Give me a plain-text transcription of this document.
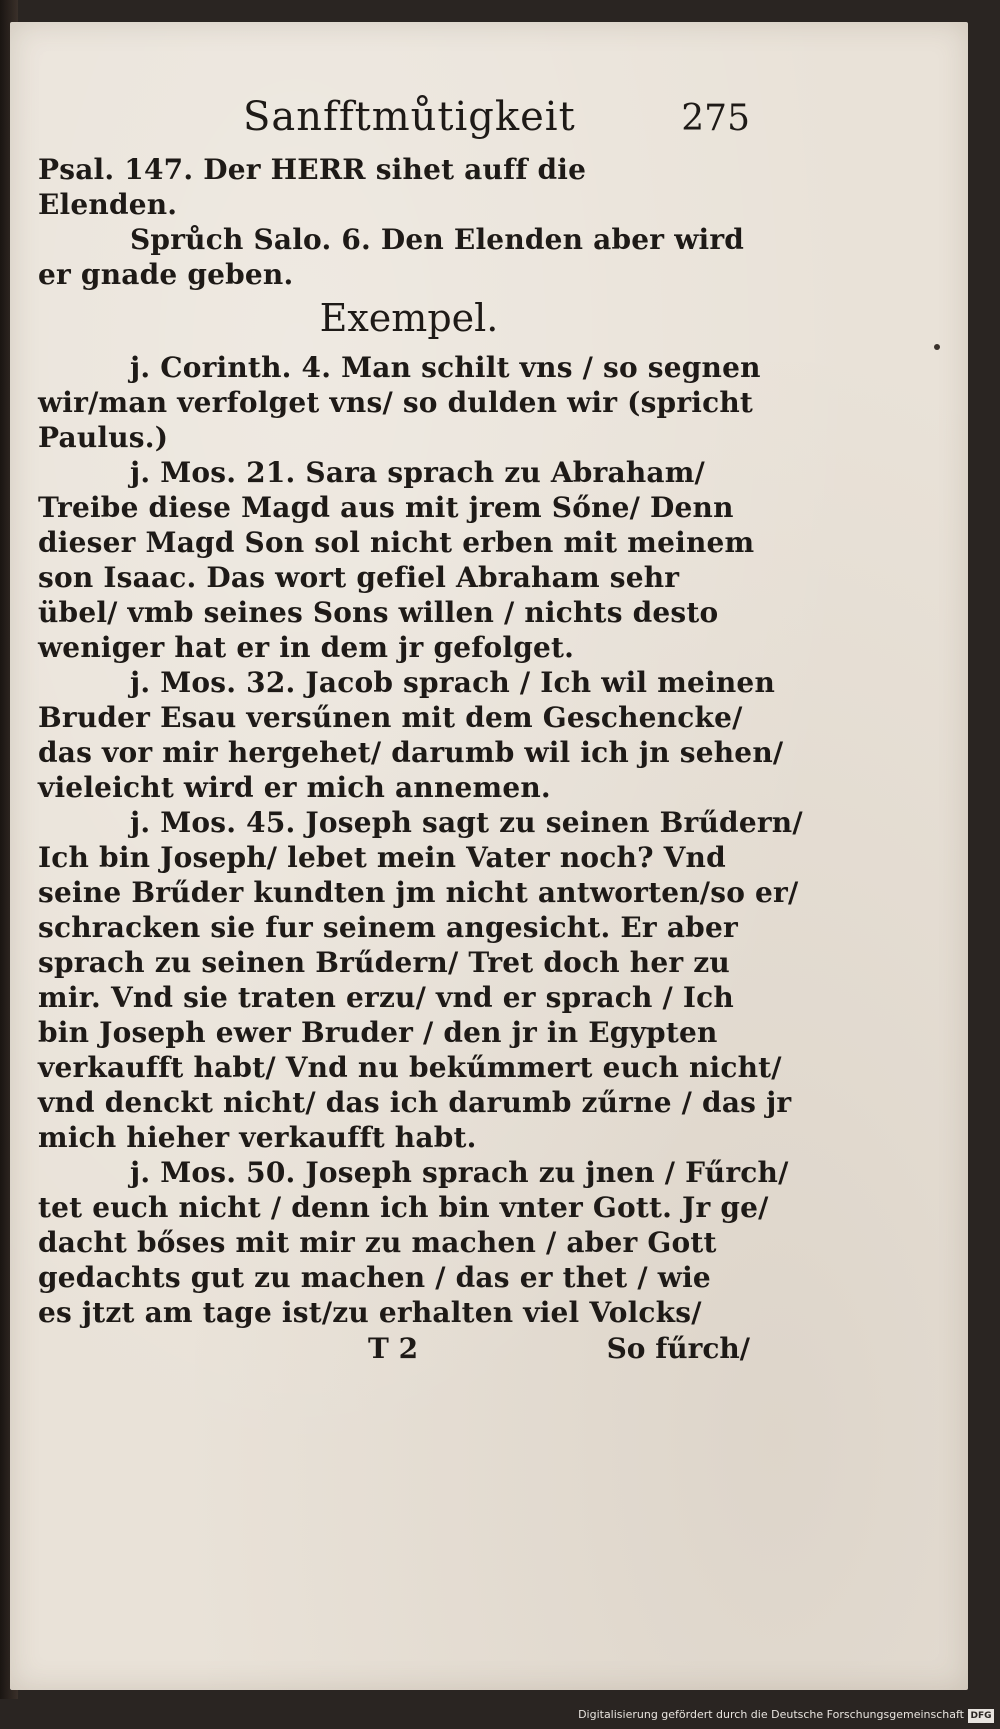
Sanfftmůtigkeit	275
Psal. 147. Der HERR sihet auff die
Elenden.
Sprůch Salo. 6. Den Elenden aber wird
er gnade geben.
Exempel.
j. Corinth. 4. Man schilt vns / so segnen
wir/man verfolget vns/ so dulden wir (spricht
Paulus.)
j. Mos. 21. Sara sprach zu Abraham/
Treibe diese Magd aus mit jrem Sőne/ Denn
dieser Magd Son sol nicht erben mit meinem
son Isaac. Das wort gefiel Abraham sehr
übel/ vmb seines Sons willen / nichts desto
weniger hat er in dem jr gefolget.
j. Mos. 32. Jacob sprach / Ich wil meinen
Bruder Esau versűnen mit dem Geschencke/
das vor mir hergehet/ darumb wil ich jn sehen/
vieleicht wird er mich annemen.
j. Mos. 45. Joseph sagt zu seinen Brűdern/
Ich bin Joseph/ lebet mein Vater noch? Vnd
seine Brűder kundten jm nicht antworten/so er/
schracken sie fur seinem angesicht. Er aber
sprach zu seinen Brűdern/ Tret doch her zu
mir. Vnd sie traten erzu/ vnd er sprach / Ich
bin Joseph ewer Bruder / den jr in Egypten
verkaufft habt/ Vnd nu bekűmmert euch nicht/
vnd denckt nicht/ das ich darumb zűrne / das jr
mich hieher verkaufft habt.
j. Mos. 50. Joseph sprach zu jnen / Fűrch/
tet euch nicht / denn ich bin vnter Gott. Jr ge/
dacht bőses mit mir zu machen / aber Gott
gedachts gut zu machen / das er thet / wie
es jtzt am tage ist/zu erhalten viel Volcks/
T 2	So fűrch/
Digitalisierung gefördert durch die Deutsche Forschungsgemeinschaft DFG
